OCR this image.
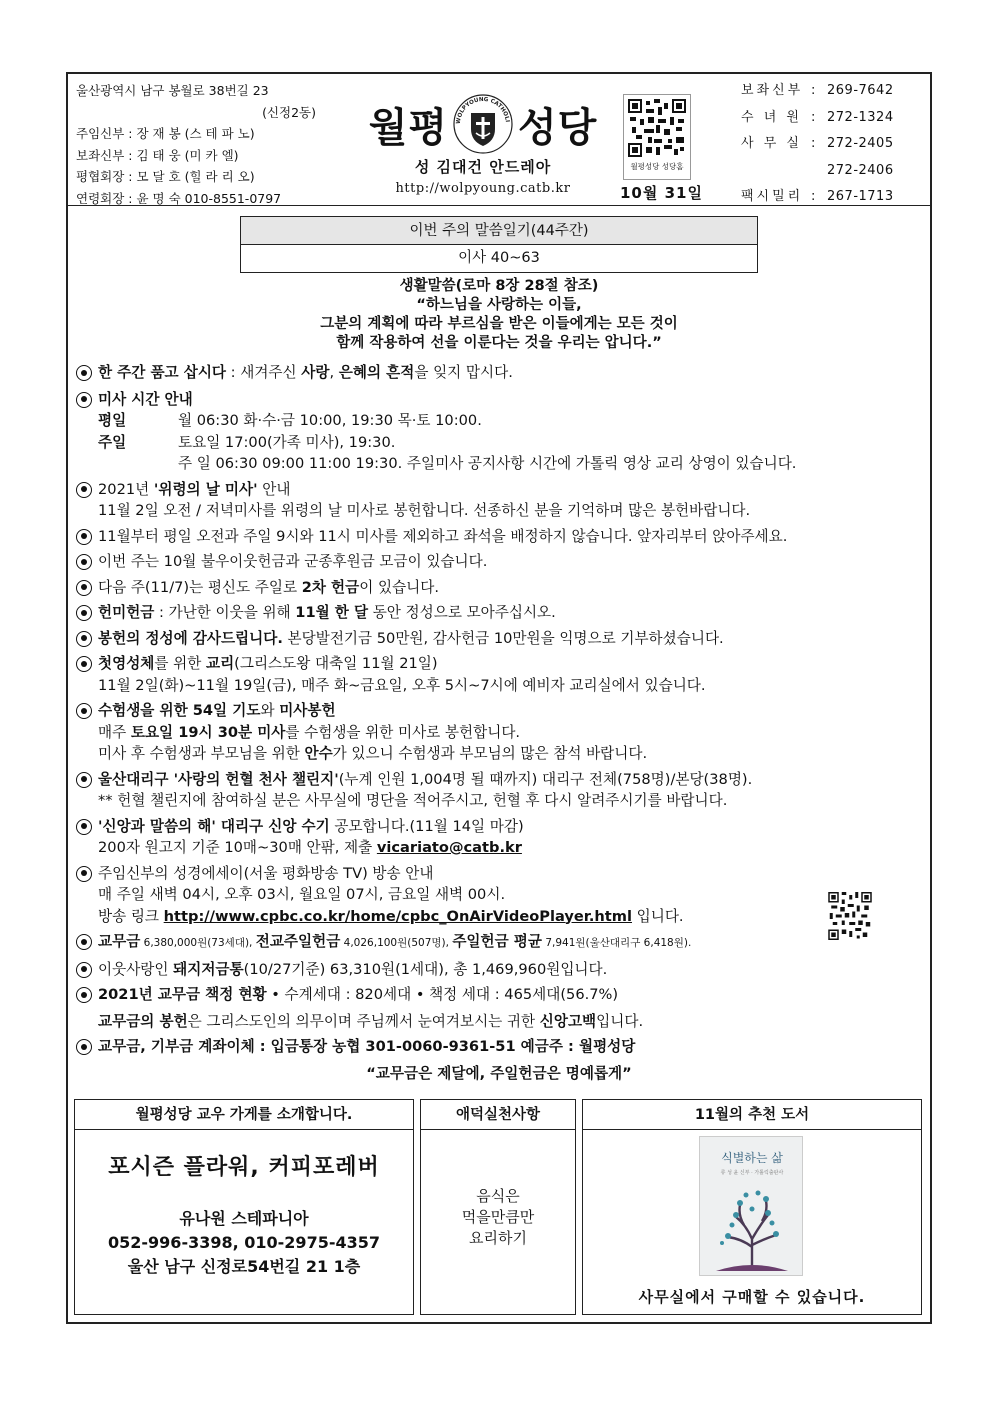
울산광역시 남구 봉월로 38번길 23
(신정2동)
주임신부 : 장 재 봉 (스 테 파 노)
보좌신부 : 김 태 웅 (미 카 엘)
평협회장 : 모 달 호 (힐 라 리 오)
연령회장 : 윤 명 숙 010-8551-0797
월평	WOLPYOUNG CATHOLI 성당
성 김대건 안드레아
http://wolpyoung.catb.kr
월평성당 성당홈
10월 31일
보좌신부 : 269-7642
수 녀 원 : 272-1324
사 무 실 : 272-2405
272-2406
팩시밀리 : 267-1713
이번 주의 말씀일기(44주간)
이사 40~63
생활말씀(로마 8장 28절 참조)
“하느님을 사랑하는 이들,
그분의 계획에 따라 부르심을 받은 이들에게는 모든 것이
함께 작용하여 선을 이룬다는 것을 우리는 압니다.”
한 주간 품고 삽시다 : 새겨주신 사랑, 은혜의 흔적을 잊지 맙시다.
미사 시간 안내
평일	월 06:30 화·수·금 10:00, 19:30 목·토 10:00.
주일	토요일 17:00(가족 미사), 19:30.
주 일 06:30 09:00 11:00 19:30. 주일미사 공지사항 시간에 가톨릭 영상 교리 상영이 있습니다.
2021년 '위령의 날 미사' 안내
11월 2일 오전 / 저녁미사를 위령의 날 미사로 봉헌합니다. 선종하신 분을 기억하며 많은 봉헌바랍니다.
11월부터 평일 오전과 주일 9시와 11시 미사를 제외하고 좌석을 배정하지 않습니다. 앞자리부터 앉아주세요.
이번 주는 10월 불우이웃헌금과 군종후원금 모금이 있습니다.
다음 주(11/7)는 평신도 주일로 2차 헌금이 있습니다.
헌미헌금 : 가난한 이웃을 위해 11월 한 달 동안 정성으로 모아주십시오.
봉헌의 정성에 감사드립니다. 본당발전기금 50만원, 감사헌금 10만원을 익명으로 기부하셨습니다.
첫영성체를 위한 교리(그리스도왕 대축일 11월 21일)
11월 2일(화)~11월 19일(금), 매주 화~금요일, 오후 5시~7시에 예비자 교리실에서 있습니다.
수험생을 위한 54일 기도와 미사봉헌
매주 토요일 19시 30분 미사를 수험생을 위한 미사로 봉헌합니다.
미사 후 수험생과 부모님을 위한 안수가 있으니 수험생과 부모님의 많은 참석 바랍니다.
울산대리구 '사랑의 헌혈 천사 챌린지'(누계 인원 1,004명 될 때까지) 대리구 전체(758명)/본당(38명).
** 헌혈 챌린지에 참여하실 분은 사무실에 명단을 적어주시고, 헌혈 후 다시 알려주시기를 바랍니다.
'신앙과 말씀의 해' 대리구 신앙 수기 공모합니다.(11월 14일 마감)
200자 원고지 기준 10매~30매 안팎, 제출 vicariato@catb.kr
주임신부의 성경에세이(서울 평화방송 TV) 방송 안내
매 주일 새벽 04시, 오후 03시, 월요일 07시, 금요일 새벽 00시.
방송 링크 http://www.cpbc.co.kr/home/cpbc_OnAirVideoPlayer.html 입니다.
교무금 6,380,000원(73세대), 전교주일헌금 4,026,100원(507명), 주일헌금 평균 7,941원(울산대리구 6,418원).
이웃사랑인 돼지저금통(10/27기준) 63,310원(1세대), 총 1,469,960원입니다.
2021년 교무금 책정 현황 • 수계세대 : 820세대 • 책정 세대 : 465세대(56.7%)
교무금의 봉헌은 그리스도인의 의무이며 주님께서 눈여겨보시는 귀한 신앙고백입니다.
교무금, 기부금 계좌이체 : 입금통장 농협 301-0060-9361-51 예금주 : 월평성당
“교무금은 제달에, 주일헌금은 명예롭게”
월평성당 교우 가게를 소개합니다.
포시즌 플라워, 커피포레버
유나원 스테파니아
052-996-3398, 010-2975-4357
울산 남구 신정로54번길 21 1층
애덕실천사항
음식은
먹을만큼만
요리하기
11월의 추천 도서
식별하는 삶
류 성 윤 신부 · 가톨릭출판사
사무실에서 구매할 수 있습니다.
